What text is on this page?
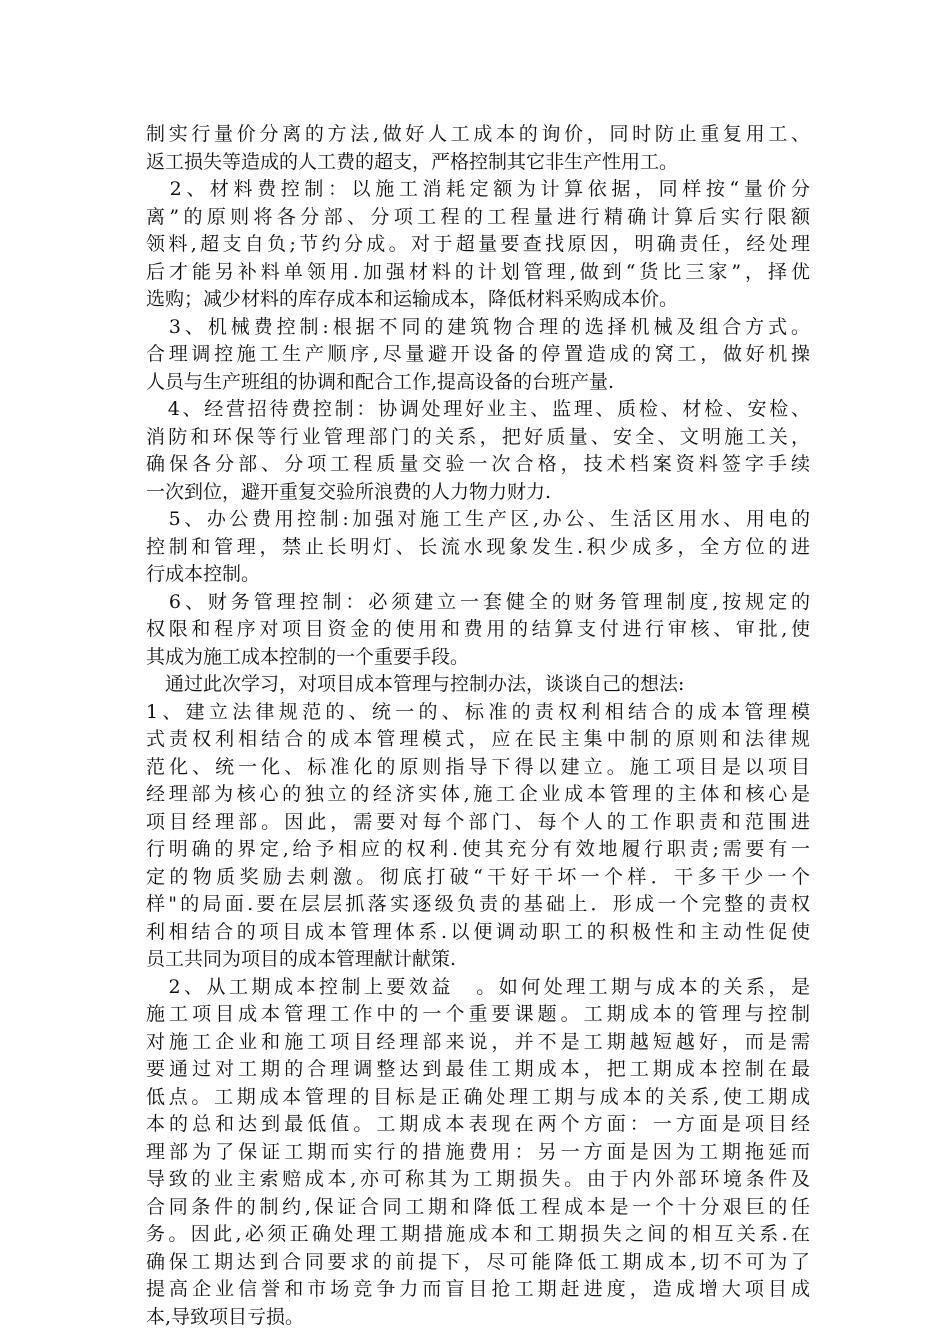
制实行量价分离的方法,做好人工成本的询价，同时防止重复用工、
返工损失等造成的人工费的超支，严格控制其它非生产性用工。
　2、材料费控制：以施工消耗定额为计算依据，同样按“量价分
离”的原则将各分部、分项工程的工程量进行精确计算后实行限额
领料,超支自负;节约分成。对于超量要查找原因，明确责任，经处理
后才能另补料单领用.加强材料的计划管理,做到“货比三家”，择优
选购；减少材料的库存成本和运输成本，降低材料采购成本价。
　3、机械费控制:根据不同的建筑物合理的选择机械及组合方式。
合理调控施工生产顺序,尽量避开设备的停置造成的窝工，做好机操
人员与生产班组的协调和配合工作,提高设备的台班产量.
　4、经营招待费控制：协调处理好业主、监理、质检、材检、安检、
消防和环保等行业管理部门的关系，把好质量、安全、文明施工关，
确保各分部、分项工程质量交验一次合格，技术档案资料签字手续
一次到位，避开重复交验所浪费的人力物力财力.
　5、办公费用控制:加强对施工生产区,办公、生活区用水、用电的
控制和管理，禁止长明灯、长流水现象发生.积少成多，全方位的进
行成本控制。
　6、财务管理控制：必须建立一套健全的财务管理制度,按规定的
权限和程序对项目资金的使用和费用的结算支付进行审核、审批,使
其成为施工成本控制的一个重要手段。
　通过此次学习，对项目成本管理与控制办法，谈谈自己的想法:
1、建立法律规范的、统一的、标准的责权利相结合的成本管理模
式责权利相结合的成本管理模式，应在民主集中制的原则和法律规
范化、统一化、标准化的原则指导下得以建立。施工项目是以项目
经理部为核心的独立的经济实体,施工企业成本管理的主体和核心是
项目经理部。因此，需要对每个部门、每个人的工作职责和范围进
行明确的界定,给予相应的权利.使其充分有效地履行职责;需要有一
定的物质奖励去刺激。彻底打破“干好干坏一个样．干多干少一个
样"的局面.要在层层抓落实逐级负责的基础上．形成一个完整的责权
利相结合的项目成本管理体系.以便调动职工的积极性和主动性促使
员工共同为项目的成本管理献计献策.
　2、从工期成本控制上要效益　。如何处理工期与成本的关系，是
施工项目成本管理工作中的一个重要课题。工期成本的管理与控制
对施工企业和施工项目经理部来说，并不是工期越短越好，而是需
要通过对工期的合理调整达到最佳工期成本，把工期成本控制在最
低点。工期成本管理的目标是正确处理工期与成本的关系,使工期成
本的总和达到最低值。工期成本表现在两个方面：一方面是项目经
理部为了保证工期而实行的措施费用：另一方面是因为工期拖延而
导致的业主索赔成本,亦可称其为工期损失。由于内外部环境条件及
合同条件的制约,保证合同工期和降低工程成本是一个十分艰巨的任
务。因此,必须正确处理工期措施成本和工期损失之间的相互关系.在
确保工期达到合同要求的前提下，尽可能降低工期成本,切不可为了
提高企业信誉和市场竞争力而盲目抢工期赶进度，造成增大项目成
本,导致项目亏损。
